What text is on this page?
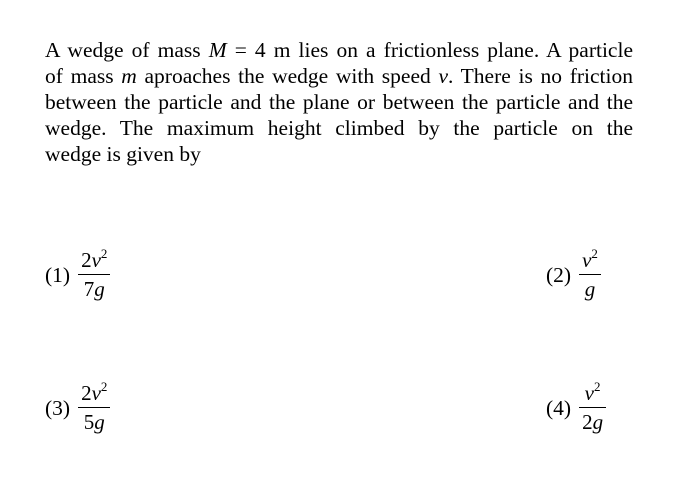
A wedge of mass M = 4 m lies on a frictionless plane. A particle
of mass m aproaches the wedge with speed v. There is no friction
between the particle and the plane or between the particle and the
wedge. The maximum height climbed by the particle on the
wedge is given by
$(1) \frac{2v^2}{7g}$	$(2) \frac{v^2}{g}$
$(3) \frac{2v^2}{5g}$	$(4) \frac{v^2}{2g}$
